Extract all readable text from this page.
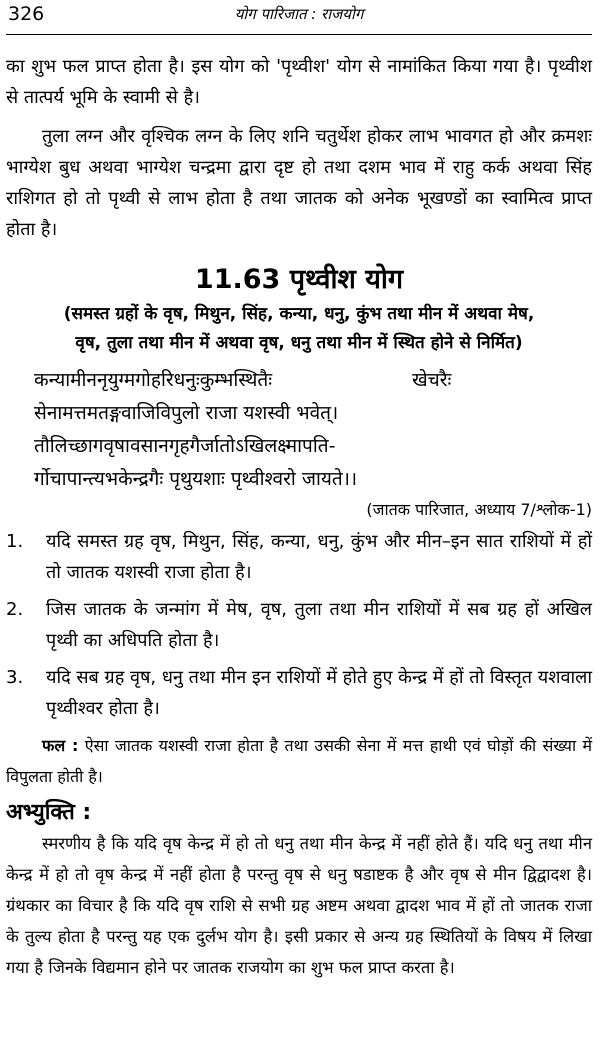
326	योग पारिजात : राजयोग

का शुभ फल प्राप्त होता है। इस योग को 'पृथ्वीश' योग से नामांकित किया गया है। पृथ्वीश से तात्पर्य भूमि के स्वामी से है।

तुला लग्न और वृश्चिक लग्न के लिए शनि चतुर्थेश होकर लाभ भावगत हो और क्रमशः भाग्येश बुध अथवा भाग्येश चन्द्रमा द्वारा दृष्ट हो तथा दशम भाव में राहु कर्क अथवा सिंह राशिगत हो तो पृथ्वी से लाभ होता है तथा जातक को अनेक भूखण्डों का स्वामित्व प्राप्त होता है।

11.63 पृथ्वीश योग

(समस्त ग्रहों के वृष, मिथुन, सिंह, कन्या, धनु, कुंभ तथा मीन में अथवा मेष,

वृष, तुला तथा मीन में अथवा वृष, धनु तथा मीन में स्थित होने से निर्मित)

कन्यामीननृयुग्मगोहरिधनुःकुम्भस्थितैः	खेचरैः
सेनामत्तमतङ्गवाजिविपुलो राजा यशस्वी भवेत्।
तौलिच्छागवृषावसानगृहगैर्जातोऽखिलक्ष्मापति-
र्गोचापान्त्यभकेन्द्रगैः पृथुयशाः पृथ्वीश्वरो जायते।।
(जातक पारिजात, अध्याय 7/श्लोक-1)
1.	यदि समस्त ग्रह वृष, मिथुन, सिंह, कन्या, धनु, कुंभ और मीन–इन सात राशियों में हों तो जातक यशस्वी राजा होता है।
2.	जिस जातक के जन्मांग में मेष, वृष, तुला तथा मीन राशियों में सब ग्रह हों अखिल पृथ्वी का अधिपति होता है।
3.	यदि सब ग्रह वृष, धनु तथा मीन इन राशियों में होते हुए केन्द्र में हों तो विस्तृत यशवाला पृथ्वीश्वर होता है।

फल : ऐसा जातक यशस्वी राजा होता है तथा उसकी सेना में मत्त हाथी एवं घोड़ों की संख्या में विपुलता होती है।

अभ्युक्ति :

स्मरणीय है कि यदि वृष केन्द्र में हो तो धनु तथा मीन केन्द्र में नहीं होते हैं। यदि धनु तथा मीन केन्द्र में हो तो वृष केन्द्र में नहीं होता है परन्तु वृष से धनु षडाष्टक है और वृष से मीन द्विद्वादश है। ग्रंथकार का विचार है कि यदि वृष राशि से सभी ग्रह अष्टम अथवा द्वादश भाव में हों तो जातक राजा के तुल्य होता है परन्तु यह एक दुर्लभ योग है। इसी प्रकार से अन्य ग्रह स्थितियों के विषय में लिखा गया है जिनके विद्यमान होने पर जातक राजयोग का शुभ फल प्राप्त करता है।
